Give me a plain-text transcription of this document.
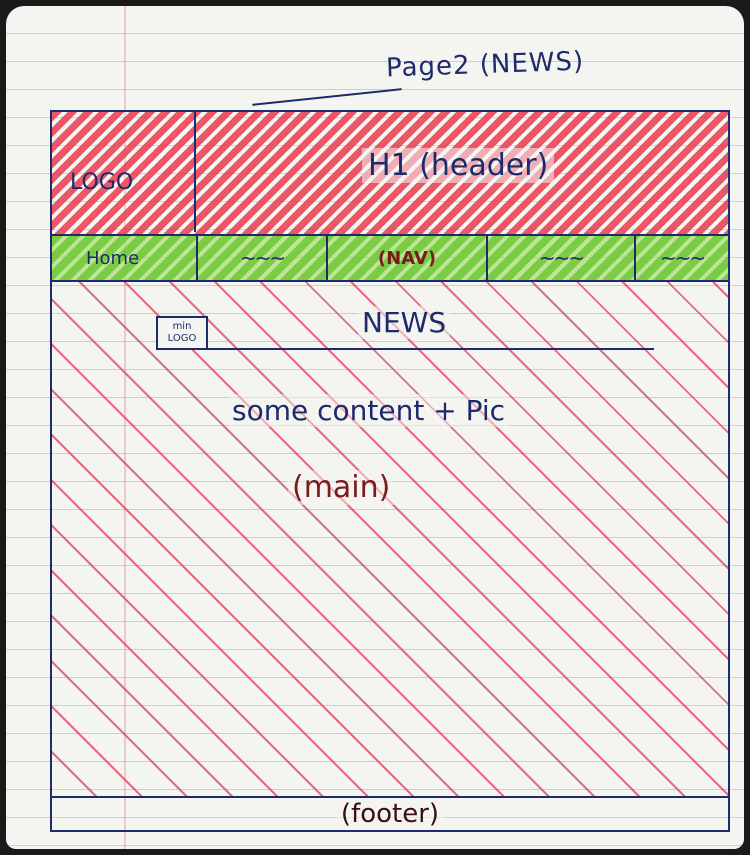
Page2 (NEWS)
LOGO	H1 (header)
Home	~~~	(NAV)	~~~	~~~
min LOGO	NEWS
some content + Pic
(main)
(footer)
